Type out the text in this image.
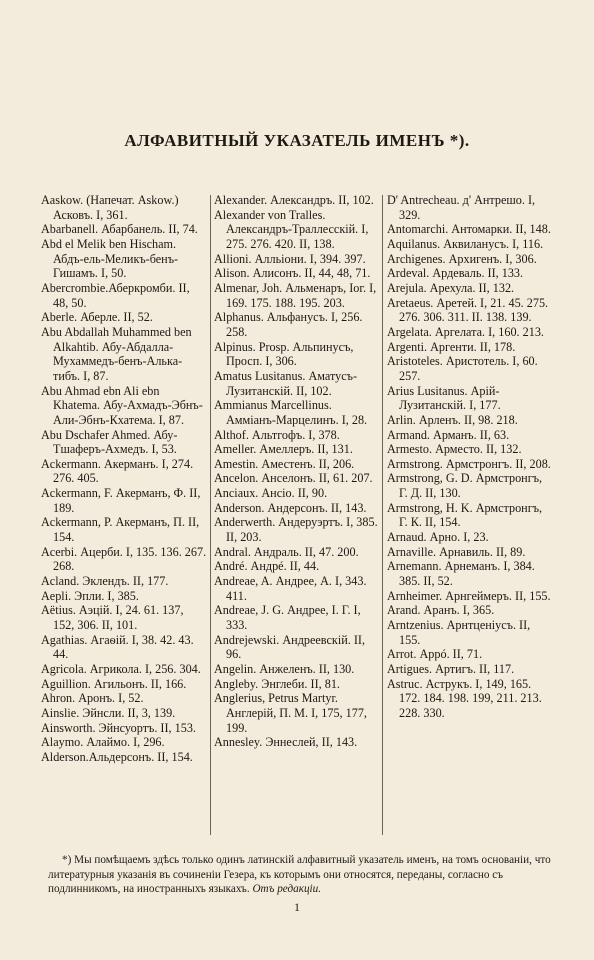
АЛФАВИТНЫЙ УКАЗАТЕЛЬ ИМЕНЪ *).

Aaskow. (Напечат. Askow.) Асковъ. I, 361.

Abarbanell. Абарбанель. II, 74.

Abd el Melik ben Hischam. Абдъ-ель-Меликъ-бенъ-Гишамъ. I, 50.

Abercrombie.Аберкромби. II, 48, 50.

Aberle. Аберле. II, 52.

Abu Abdallah Muhammed ben Alkahtib. Абу-Абдалла-Мухаммедъ-бенъ-Алька-тибъ. I, 87.

Abu Ahmad ebn Ali ebn Khatema. Абу-Ахмадъ-Эбнъ-Али-Эбнъ-Кхатема. I, 87.

Abu Dschafer Ahmed. Абу-Тшаферъ-Ахмедъ. I, 53.

Ackermann. Акерманъ. I, 274. 276. 405.

Ackermann, F. Акерманъ, Ф. II, 189.

Ackermann, P. Акерманъ, П. II, 154.

Acerbi. Ацерби. I, 135. 136. 267. 268.

Acland. Эклендъ. II, 177.

Aepli. Эпли. I, 385.

Aëtius. Аэцій. I, 24. 61. 137, 152, 306. II, 101.

Agathias. Агаѳій. I, 38. 42. 43. 44.

Agricola. Агрикола. I, 256. 304.

Aguillion. Агильонъ. II, 166.

Ahron. Аронъ. I, 52.

Ainslie. Эйнсли. II, 3, 139.

Ainsworth. Эйнсуортъ. II, 153.

Alaymo. Алаймо. I, 296.

Alderson.Альдерсонъ. II, 154.

Alexander. Александръ. II, 102.

Alexander von Tralles. Александръ-Траллесскій. I, 275. 276. 420. II, 138.

Allioni. Алльiони. I, 394. 397.

Alison. Алисонъ. II, 44, 48, 71.

Almenar, Joh. Альменаръ, Іог. I, 169. 175. 188. 195. 203.

Alphanus. Альфанусъ. I, 256. 258.

Alpinus. Prosp. Альпинусъ, Просп. I, 306.

Amatus Lusitanus. Аматусъ-Лузитанскій. II, 102.

Ammianus Marcellinus. Амміанъ-Марцелинъ. I, 28.

Althof. Альтгофъ. I, 378.

Ameller. Амеллеръ. II, 131.

Amestin. Аместенъ. II, 206.

Ancelon. Анселонъ. II, 61. 207.

Anciaux. Ансіо. II, 90.

Anderson. Андерсонъ. II, 143.

Anderwerth. Андеруэртъ. I, 385. II, 203.

Andral. Андраль. II, 47. 200.

André. Андрé. II, 44.

Andreae, A. Андрее, А. I, 343. 411.

Andreae, J. G. Андрее, І. Г. I, 333.

Andrejewski. Андреевскій. II, 96.

Angelin. Анжеленъ. II, 130.

Angleby. Энглеби. II, 81.

Anglerius, Petrus Martyr. Англерій, П. М. I, 175, 177, 199.

Annesley. Эннеслей, II, 143.

D' Antrecheau. д' Антрешо. I, 329.

Antomarchi. Антомарки. II, 148.

Aquilanus. Аквиланусъ. I, 116.

Archigenes. Архигенъ. I, 306.

Ardeval. Ардеваль. II, 133.

Arejula. Арехула. II, 132.

Aretaeus. Аретей. I, 21. 45. 275. 276. 306. 311. II. 138. 139.

Argelata. Аргелата. I, 160. 213.

Argenti. Аргенти. II, 178.

Aristoteles. Аристотель. I, 60. 257.

Arius Lusitanus. Арій-Лузитанскій. I, 177.

Arlin. Арленъ. II, 98. 218.

Armand. Арманъ. II, 63.

Armesto. Арместо. II, 132.

Armstrong. Армстронгъ. II, 208.

Armstrong, G. D. Армстронгъ, Г. Д. II, 130.

Armstrong, H. K. Армстронгъ, Г. К. II, 154.

Arnaud. Арно. I, 23.

Arnaville. Арнавиль. II, 89.

Arnemann. Арнеманъ. I, 384. 385. II, 52.

Arnheimer. Арнгеймеръ. II, 155.

Arand. Аранъ. I, 365.

Arntzenius. Арнтценіусъ. II, 155.

Arrot. Аррó. II, 71.

Artigues. Артигъ. II, 117.

Astruc. Аструкъ. I, 149, 165. 172. 184. 198. 199, 211. 213. 228. 330.

*) Мы помѣщаемъ здѣсь только одинъ латинскій алфавитный указатель именъ, на томъ основаніи, что литературныя указанія въ сочиненіи Гезера, къ которымъ они относятся, переданы, согласно съ подлинникомъ, на иностранныхъ языкахъ. Отъ редакціи.
1
